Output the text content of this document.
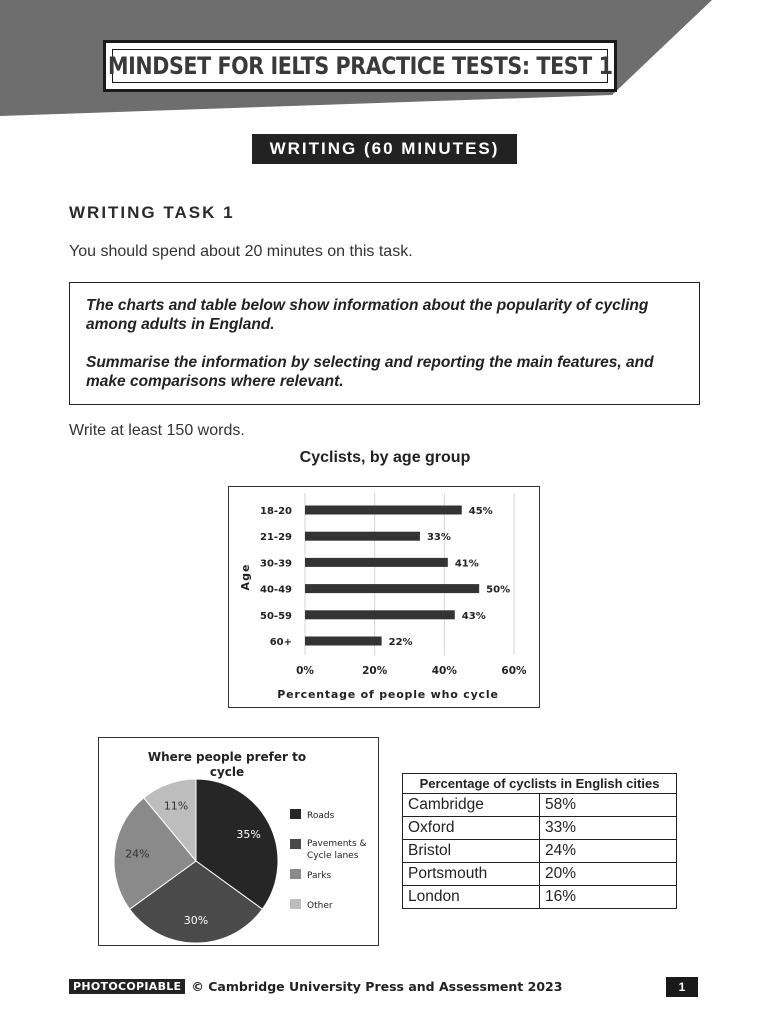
MINDSET FOR IELTS PRACTICE TESTS: TEST 1
WRITING (60 MINUTES)
WRITING TASK 1
You should spend about 20 minutes on this task.

The charts and table below show information about the popularity of cycling among adults in England.

Summarise the information by selecting and reporting the main features, and make comparisons where relevant.

Write at least 150 words.
Cyclists, by age group
0%	20%	40%	60%
18-20	45%
21-29	33%
30-39	41%
40-49	50%
50-59	43%
60+	22%
Percentage of people who cycle
Age
Where people prefer to
cycle
35%
30%
24%
11%
Roads
Pavements &
Cycle lanes
Parks
Other
Percentage of cyclists in English cities	
Cambridge	58%
Oxford	33%
Bristol	24%
Portsmouth	20%
London	16%
PHOTOCOPIABLE © Cambridge University Press and Assessment 2023	1
